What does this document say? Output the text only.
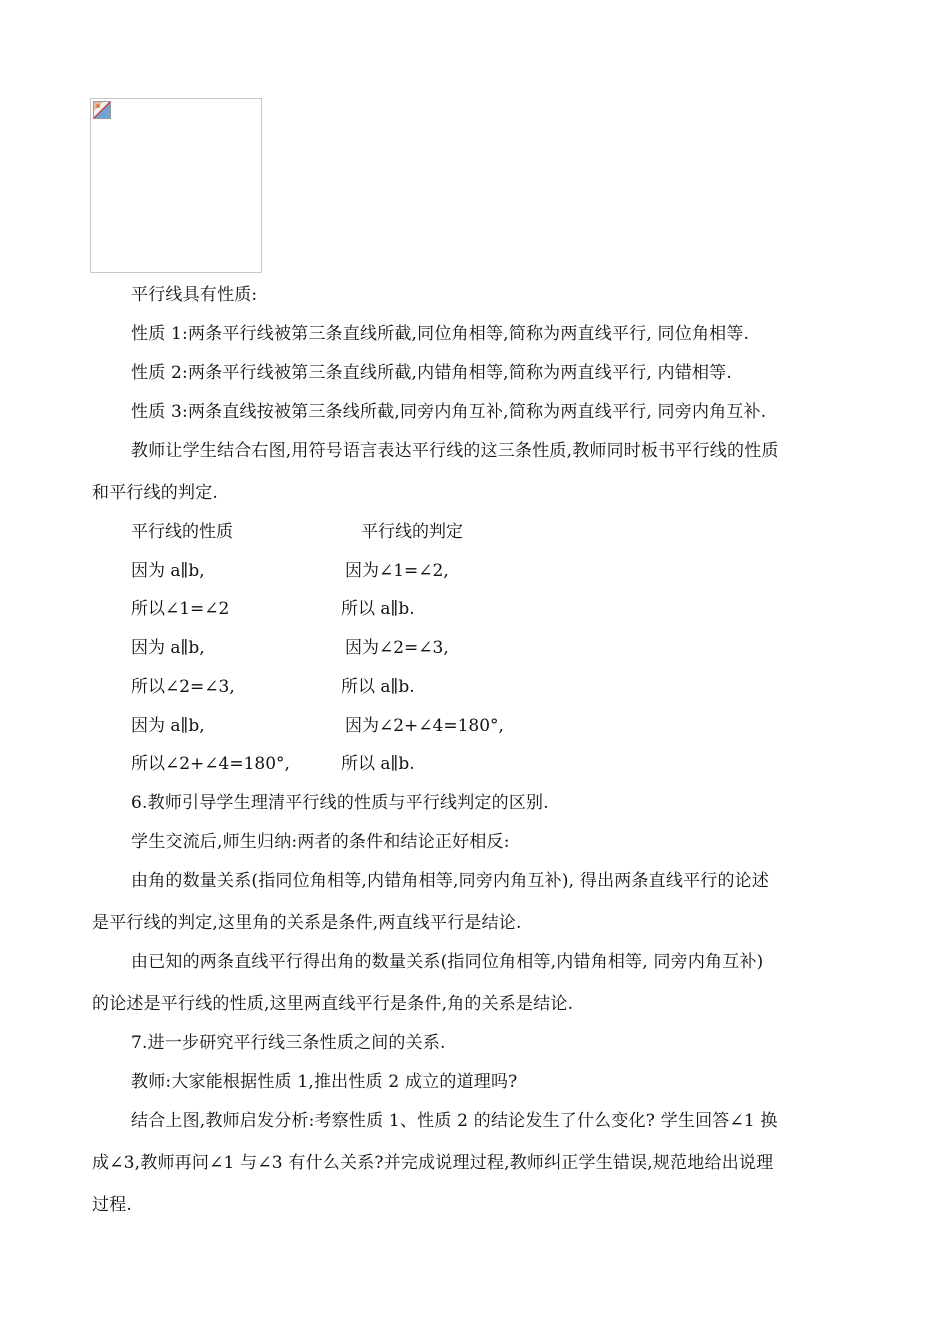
平行线具有性质:
性质 1:两条平行线被第三条直线所截,同位角相等,简称为两直线平行, 同位角相等.
性质 2:两条平行线被第三条直线所截,内错角相等,简称为两直线平行, 内错相等.
性质 3:两条直线按被第三条线所截,同旁内角互补,简称为两直线平行, 同旁内角互补.
教师让学生结合右图,用符号语言表达平行线的这三条性质,教师同时板书平行线的性质
和平行线的判定.
平行线的性质	平行线的判定
因为 a∥b,	因为∠1=∠2,
所以∠1=∠2	所以 a∥b.
因为 a∥b,	因为∠2=∠3,
所以∠2=∠3,	所以 a∥b.
因为 a∥b,	因为∠2+∠4=180°,
所以∠2+∠4=180°,	所以 a∥b.
6.教师引导学生理清平行线的性质与平行线判定的区别.
学生交流后,师生归纳:两者的条件和结论正好相反:
由角的数量关系(指同位角相等,内错角相等,同旁内角互补), 得出两条直线平行的论述
是平行线的判定,这里角的关系是条件,两直线平行是结论.
由已知的两条直线平行得出角的数量关系(指同位角相等,内错角相等, 同旁内角互补)
的论述是平行线的性质,这里两直线平行是条件,角的关系是结论.
7.进一步研究平行线三条性质之间的关系.
教师:大家能根据性质 1,推出性质 2 成立的道理吗?
结合上图,教师启发分析:考察性质 1、性质 2 的结论发生了什么变化? 学生回答∠1 换
成∠3,教师再问∠1 与∠3 有什么关系?并完成说理过程,教师纠正学生错误,规范地给出说理
过程.
